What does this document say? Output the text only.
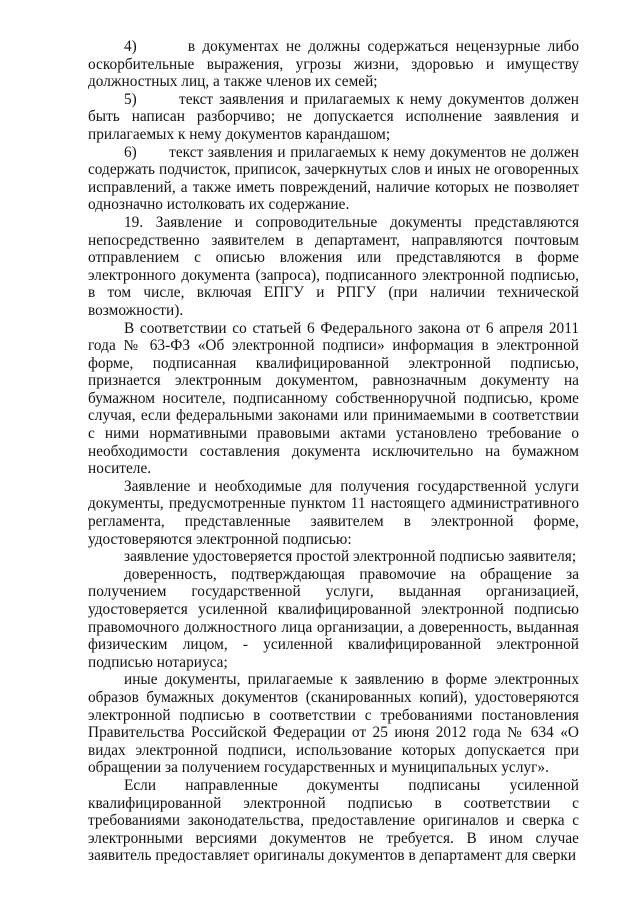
4)       в документах не должны содержаться нецензурные либо оскорбительные выражения, угрозы жизни, здоровью и имуществу должностных лиц, а также членов их семей;

5)       текст заявления и прилагаемых к нему документов должен быть написан разборчиво; не допускается исполнение заявления и прилагаемых к нему документов карандашом;

6)       текст заявления и прилагаемых к нему документов не должен содержать подчисток, приписок, зачеркнутых слов и иных не оговоренных исправлений, а также иметь повреждений, наличие которых не позволяет однозначно истолковать их содержание.

19. Заявление и сопроводительные документы представляются непосредственно заявителем в департамент, направляются почтовым отправлением с описью вложения или представляются в форме электронного документа (запроса), подписанного электронной подписью, в том числе, включая ЕПГУ и РПГУ (при наличии технической возможности).

В соответствии со статьей 6 Федерального закона от 6 апреля 2011 года № 63-ФЗ «Об электронной подписи» информация в электронной форме, подписанная квалифицированной электронной подписью, признается электронным документом, равнозначным документу на бумажном носителе, подписанному собственноручной подписью, кроме случая, если федеральными законами или принимаемыми в соответствии с ними нормативными правовыми актами установлено требование о необходимости составления документа исключительно на бумажном носителе.

Заявление и необходимые для получения государственной услуги документы, предусмотренные пунктом 11 настоящего административного регламента, представленные заявителем в электронной форме, удостоверяются электронной подписью:

заявление удостоверяется простой электронной подписью заявителя;

доверенность, подтверждающая правомочие на обращение за получением государственной услуги, выданная организацией, удостоверяется усиленной квалифицированной электронной подписью правомочного должностного лица организации, а доверенность, выданная физическим лицом, - усиленной квалифицированной электронной подписью нотариуса;

иные документы, прилагаемые к заявлению в форме электронных образов бумажных документов (сканированных копий), удостоверяются электронной подписью в соответствии с требованиями постановления Правительства Российской Федерации от 25 июня 2012 года № 634 «О видах электронной подписи, использование которых допускается при обращении за получением государственных и муниципальных услуг».

Если направленные документы подписаны усиленной квалифицированной электронной подписью в соответствии с требованиями законодательства, предоставление оригиналов и сверка с электронными версиями документов не требуется. В ином случае заявитель предоставляет оригиналы документов в департамент для сверки
